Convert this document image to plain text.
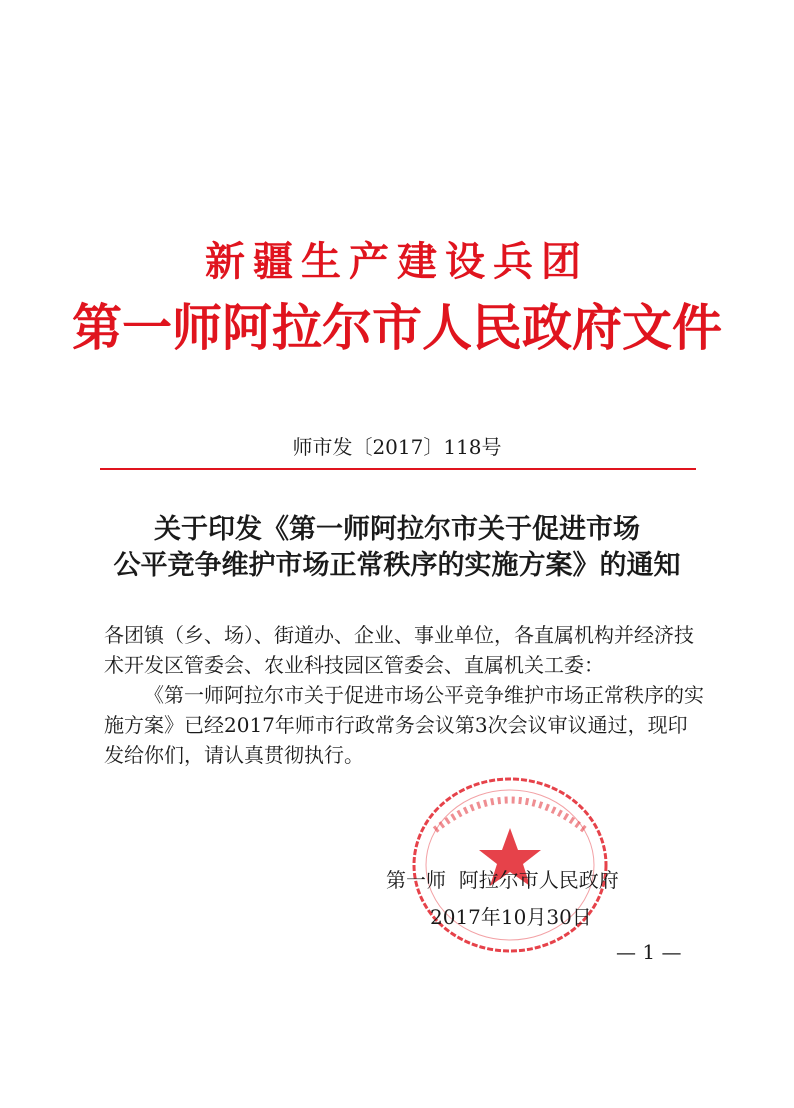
新疆生产建设兵团
第一师阿拉尔市人民政府文件
师市发〔2017〕118号
关于印发《第一师阿拉尔市关于促进市场
公平竞争维护市场正常秩序的实施方案》的通知

各团镇（乡、场）、街道办、企业、事业单位，各直属机构并经济技术开发区管委会、农业科技园区管委会、直属机关工委：

《第一师阿拉尔市关于促进市场公平竞争维护市场正常秩序的实施方案》已经2017年师市行政常务会议第3次会议审议通过，现印发给你们，请认真贯彻执行。

第一师  阿拉尔市人民政府
2017年10月30日
— 1 —
